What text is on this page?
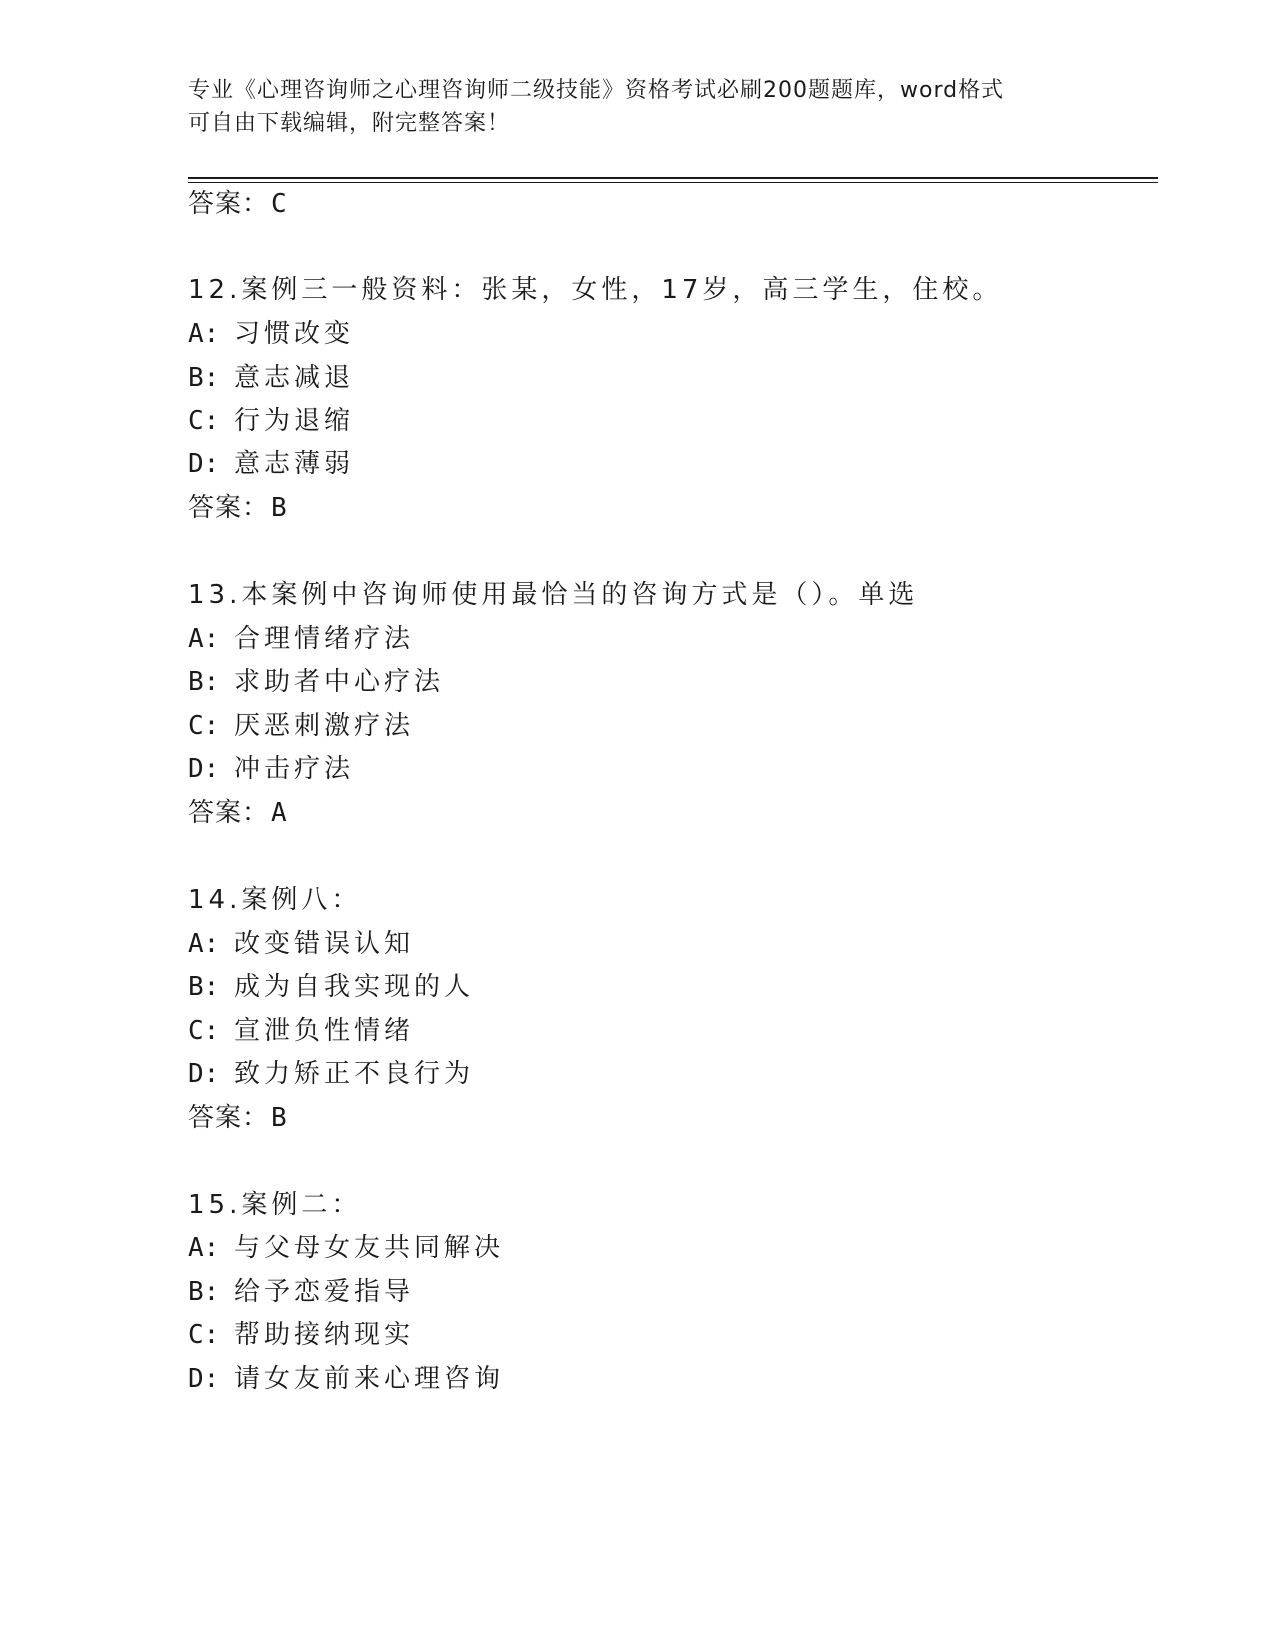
专业《心理咨询师之心理咨询师二级技能》资格考试必刷200题题库，word格式
可自由下载编辑，附完整答案！
答案：C
12.案例三一般资料：张某，女性，17岁，高三学生，住校。
A: 习惯改变
B: 意志减退
C: 行为退缩
D: 意志薄弱
答案：B
13.本案例中咨询师使用最恰当的咨询方式是（）。单选
A: 合理情绪疗法
B: 求助者中心疗法
C: 厌恶刺激疗法
D: 冲击疗法
答案：A
14.案例八：
A: 改变错误认知
B: 成为自我实现的人
C: 宣泄负性情绪
D: 致力矫正不良行为
答案：B
15.案例二：
A: 与父母女友共同解决
B: 给予恋爱指导
C: 帮助接纳现实
D: 请女友前来心理咨询
